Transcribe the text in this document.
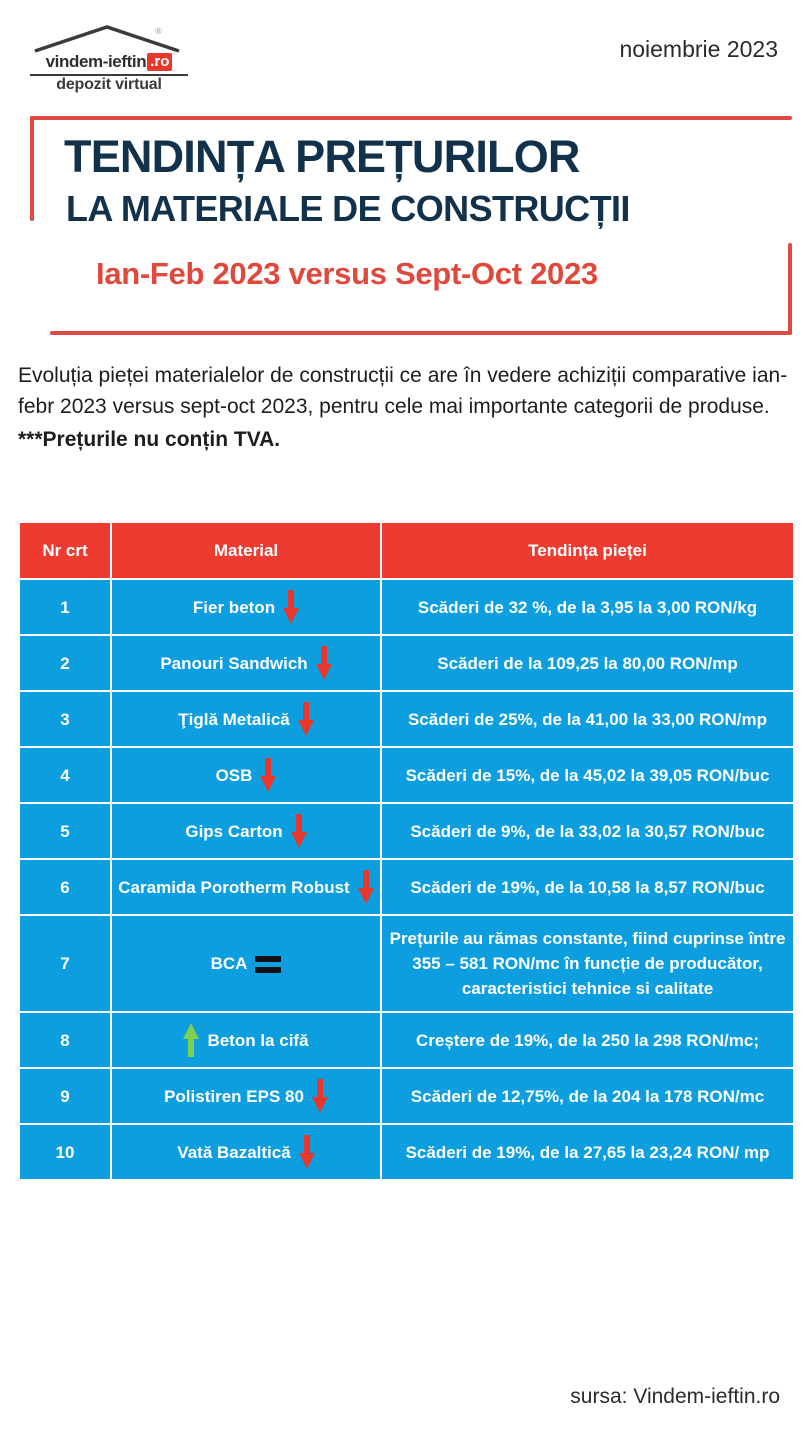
®
vindem-ieftin .ro
depozit virtual
noiembrie 2023
TENDINȚA PREȚURILOR
LA MATERIALE DE CONSTRUCȚII
Ian-Feb 2023 versus Sept-Oct 2023

Evoluția pieței materialelor de construcții ce are în vedere achiziții comparative ian-febr 2023 versus sept-oct 2023, pentru cele mai importante categorii de produse.

***Prețurile nu conțin TVA.

Nr crt	Material	Tendința pieței
1	Fier beton	Scăderi de 32 %, de la 3,95 la 3,00 RON/kg
2	Panouri Sandwich	Scăderi de la 109,25 la 80,00 RON/mp
3	Ţiglă Metalică	Scăderi de 25%, de la 41,00 la 33,00 RON/mp
4	OSB	Scăderi de 15%, de la 45,02 la 39,05 RON/buc
5	Gips Carton	Scăderi de 9%, de la 33,02 la 30,57 RON/buc
6	Caramida Porotherm Robust	Scăderi de 19%, de la 10,58 la 8,57 RON/buc
7	BCA	Prețurile au rămas constante, fiind cuprinse între 355 – 581 RON/mc în funcție de producător, caracteristici tehnice si calitate
8	Beton la cifă	Creștere de 19%, de la 250 la 298 RON/mc;
9	Polistiren EPS 80	Scăderi de 12,75%, de la 204 la 178 RON/mc
10	Vată Bazaltică	Scăderi de 19%, de la 27,65 la 23,24 RON/ mp
sursa: Vindem-ieftin.ro
